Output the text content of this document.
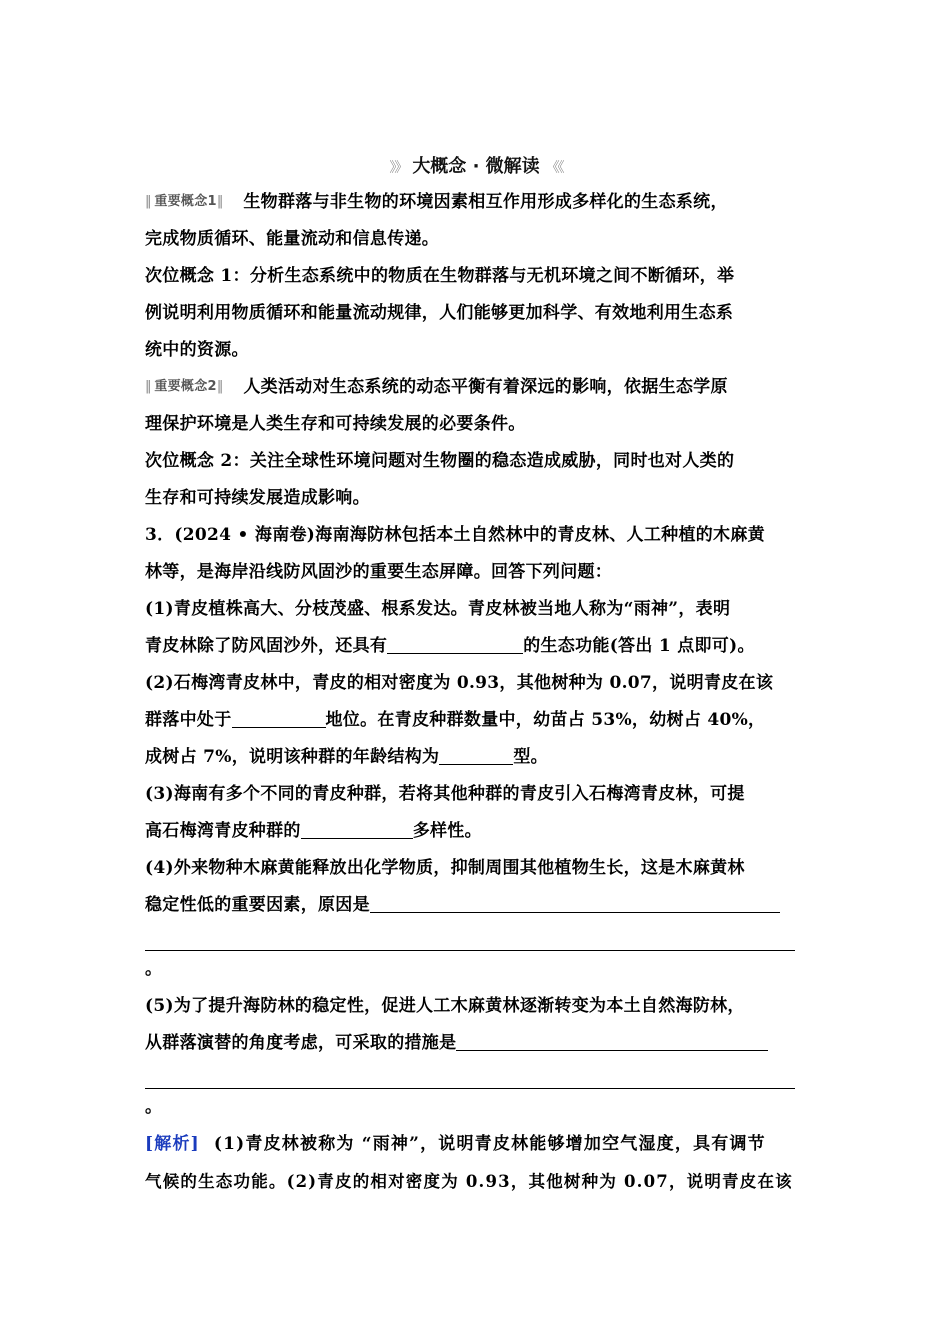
》》 大概念 · 微解读 《《
‖ 重要概念1‖ 生物群落与非生物的环境因素相互作用形成多样化的生态系统，
完成物质循环、能量流动和信息传递。
次位概念 1：分析生态系统中的物质在生物群落与无机环境之间不断循环，举
例说明利用物质循环和能量流动规律，人们能够更加科学、有效地利用生态系
统中的资源。
‖ 重要概念2‖ 人类活动对生态系统的动态平衡有着深远的影响，依据生态学原
理保护环境是人类生存和可持续发展的必要条件。
次位概念 2：关注全球性环境问题对生物圈的稳态造成威胁，同时也对人类的
生存和可持续发展造成影响。
3．(2024 • 海南卷)海南海防林包括本土自然林中的青皮林、人工种植的木麻黄
林等，是海岸沿线防风固沙的重要生态屏障。回答下列问题：
(1)青皮植株高大、分枝茂盛、根系发达。青皮林被当地人称为“雨神”，表明
青皮林除了防风固沙外，还具有	的生态功能(答出 1 点即可)。
(2)石梅湾青皮林中，青皮的相对密度为 0.93，其他树种为 0.07，说明青皮在该
群落中处于	地位。在青皮种群数量中，幼苗占 53%，幼树占 40%，
成树占 7%，说明该种群的年龄结构为	型。
(3)海南有多个不同的青皮种群，若将其他种群的青皮引入石梅湾青皮林，可提
高石梅湾青皮种群的	多样性。
(4)外来物种木麻黄能释放出化学物质，抑制周围其他植物生长，这是木麻黄林
稳定性低的重要因素，原因是
。
(5)为了提升海防林的稳定性，促进人工木麻黄林逐渐转变为本土自然海防林，
从群落演替的角度考虑，可采取的措施是
。
[解析] (1)青皮林被称为 “雨神”，说明青皮林能够增加空气湿度，具有调节
气候的生态功能。(2)青皮的相对密度为 0.93，其他树种为 0.07，说明青皮在该
